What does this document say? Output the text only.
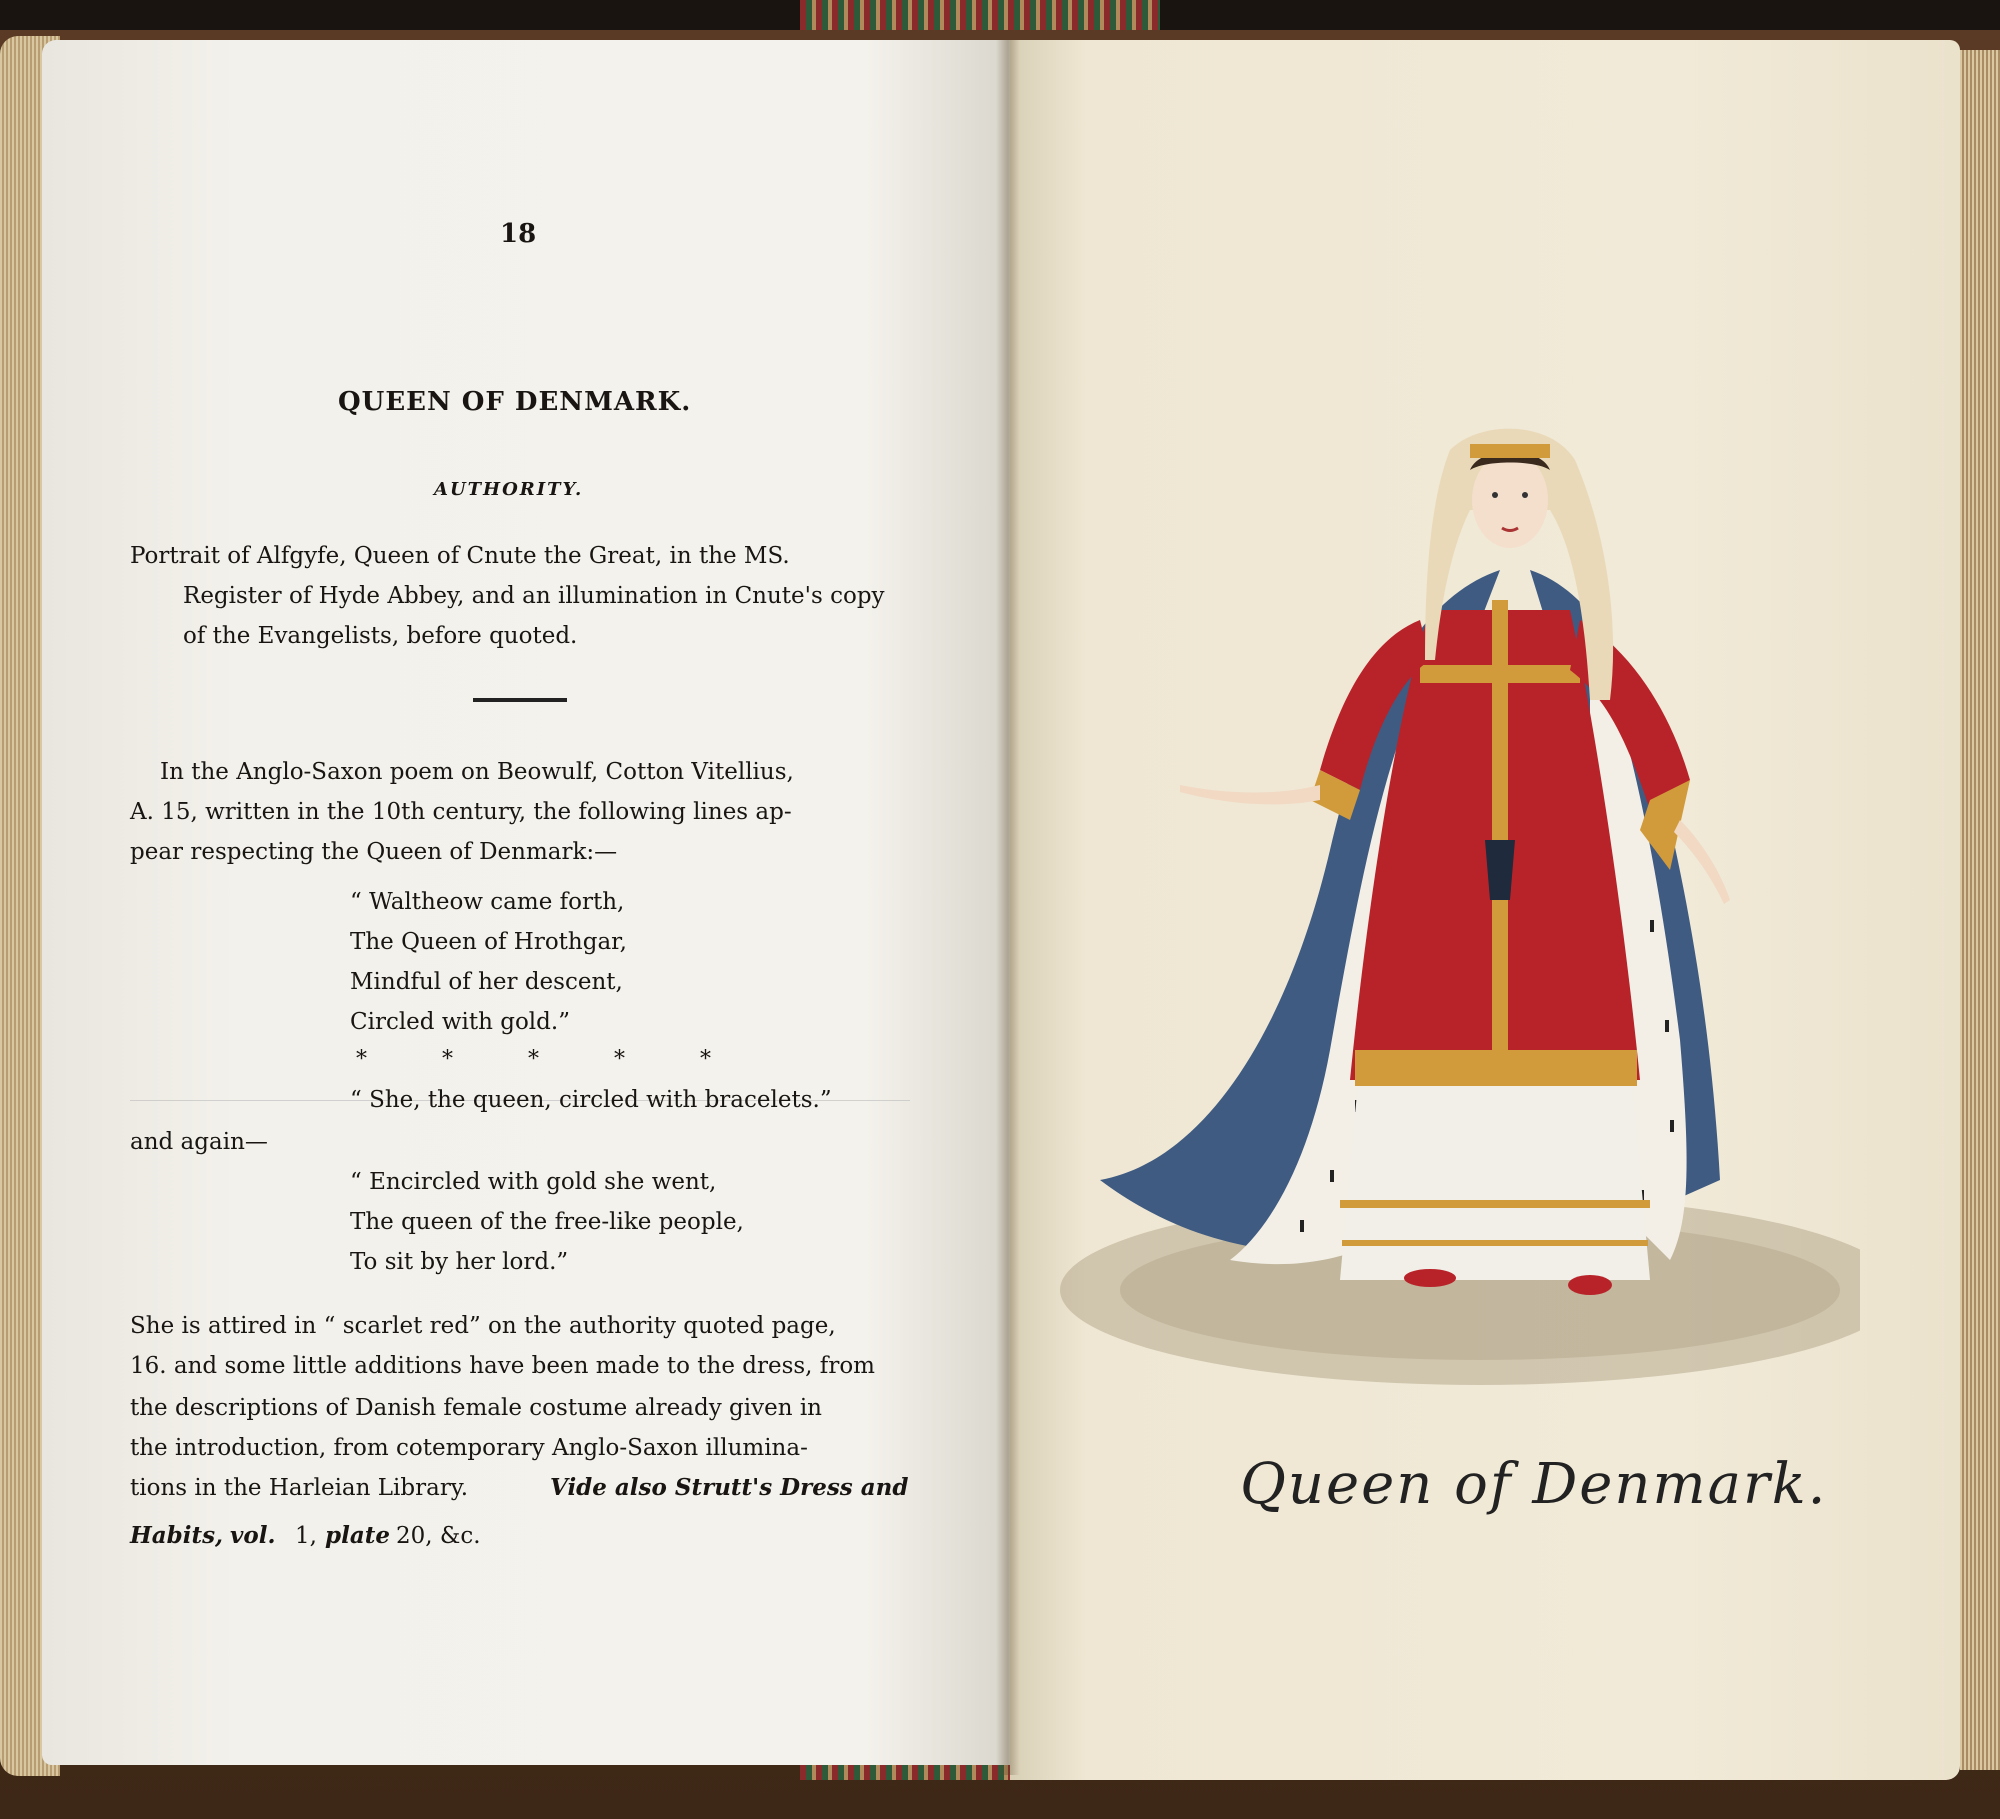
18
QUEEN OF DENMARK.
AUTHORITY.
Portrait of Alfgyfe, Queen of Cnute the Great, in the MS.
Register of Hyde Abbey, and an illumination in Cnute's copy
of the Evangelists, before quoted.
In the Anglo-Saxon poem on Beowulf, Cotton Vitellius,
A. 15, written in the 10th century, the following lines ap-
pear respecting the Queen of Denmark:—
“ Waltheow came forth,
The Queen of Hrothgar,
Mindful of her descent,
Circled with gold.”
* * * * *
“ She, the queen, circled with bracelets.”
and again—
“ Encircled with gold she went,
The queen of the free-like people,
To sit by her lord.”
She is attired in “ scarlet red” on the authority quoted page,
16. and some little additions have been made to the dress, from
the descriptions of Danish female costume already given in
the introduction, from cotemporary Anglo-Saxon illumina-
tions in the Harleian Library.	Vide also Strutt's Dress and
Habits, vol. 1, plate 20, &c.
Queen of Denmark.
